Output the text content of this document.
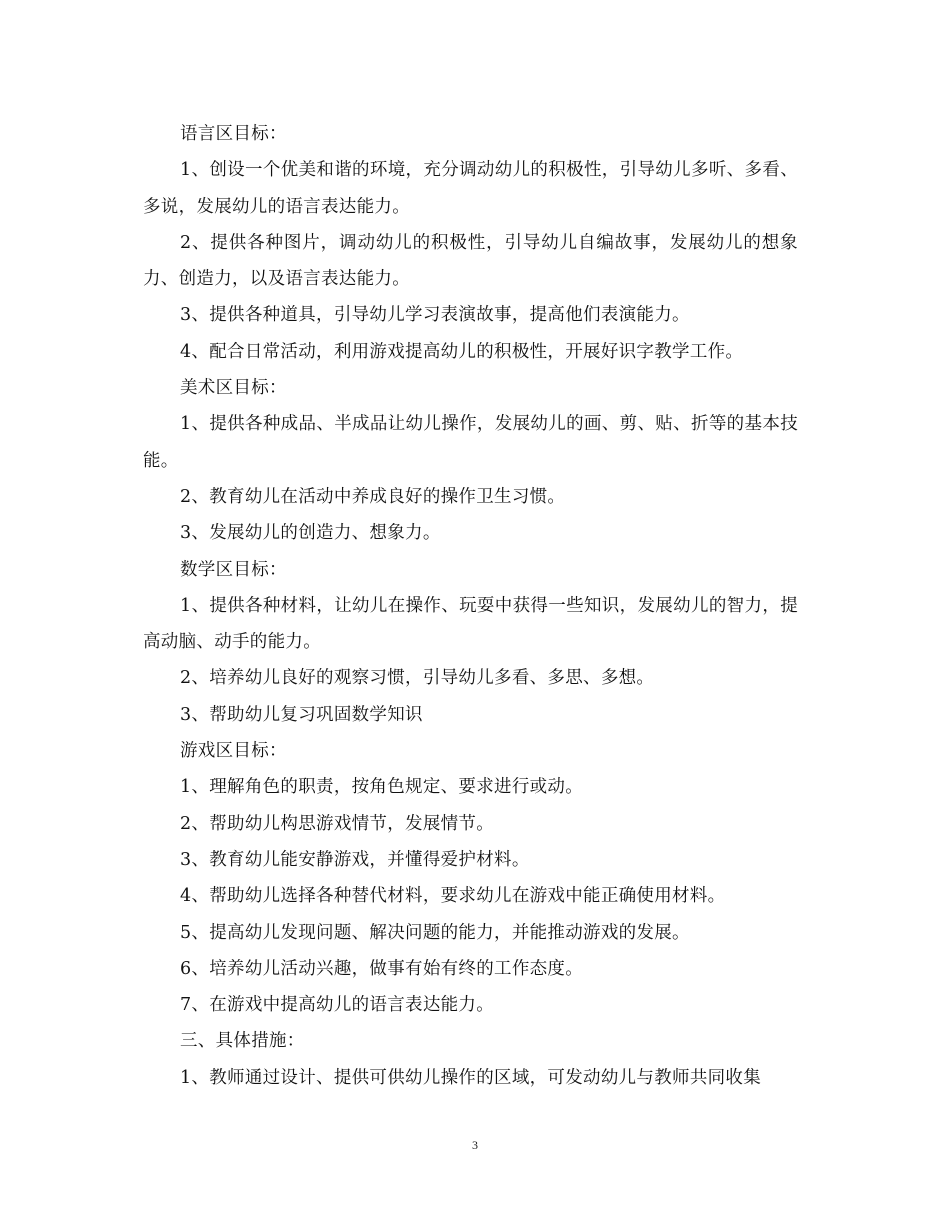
语言区目标：

1、创设一个优美和谐的环境，充分调动幼儿的积极性，引导幼儿多听、多看、多说，发展幼儿的语言表达能力。

2、提供各种图片，调动幼儿的积极性，引导幼儿自编故事，发展幼儿的想象力、创造力，以及语言表达能力。

3、提供各种道具，引导幼儿学习表演故事，提高他们表演能力。

4、配合日常活动，利用游戏提高幼儿的积极性，开展好识字教学工作。

美术区目标：

1、提供各种成品、半成品让幼儿操作，发展幼儿的画、剪、贴、折等的基本技能。

2、教育幼儿在活动中养成良好的操作卫生习惯。

3、发展幼儿的创造力、想象力。

数学区目标：

1、提供各种材料，让幼儿在操作、玩耍中获得一些知识，发展幼儿的智力，提高动脑、动手的能力。

2、培养幼儿良好的观察习惯，引导幼儿多看、多思、多想。

3、帮助幼儿复习巩固数学知识

游戏区目标：

1、理解角色的职责，按角色规定、要求进行或动。

2、帮助幼儿构思游戏情节，发展情节。

3、教育幼儿能安静游戏，并懂得爱护材料。

4、帮助幼儿选择各种替代材料，要求幼儿在游戏中能正确使用材料。

5、提高幼儿发现问题、解决问题的能力，并能推动游戏的发展。

6、培养幼儿活动兴趣，做事有始有终的工作态度。

7、在游戏中提高幼儿的语言表达能力。

三、具体措施：

1、教师通过设计、提供可供幼儿操作的区域，可发动幼儿与教师共同收集

3
